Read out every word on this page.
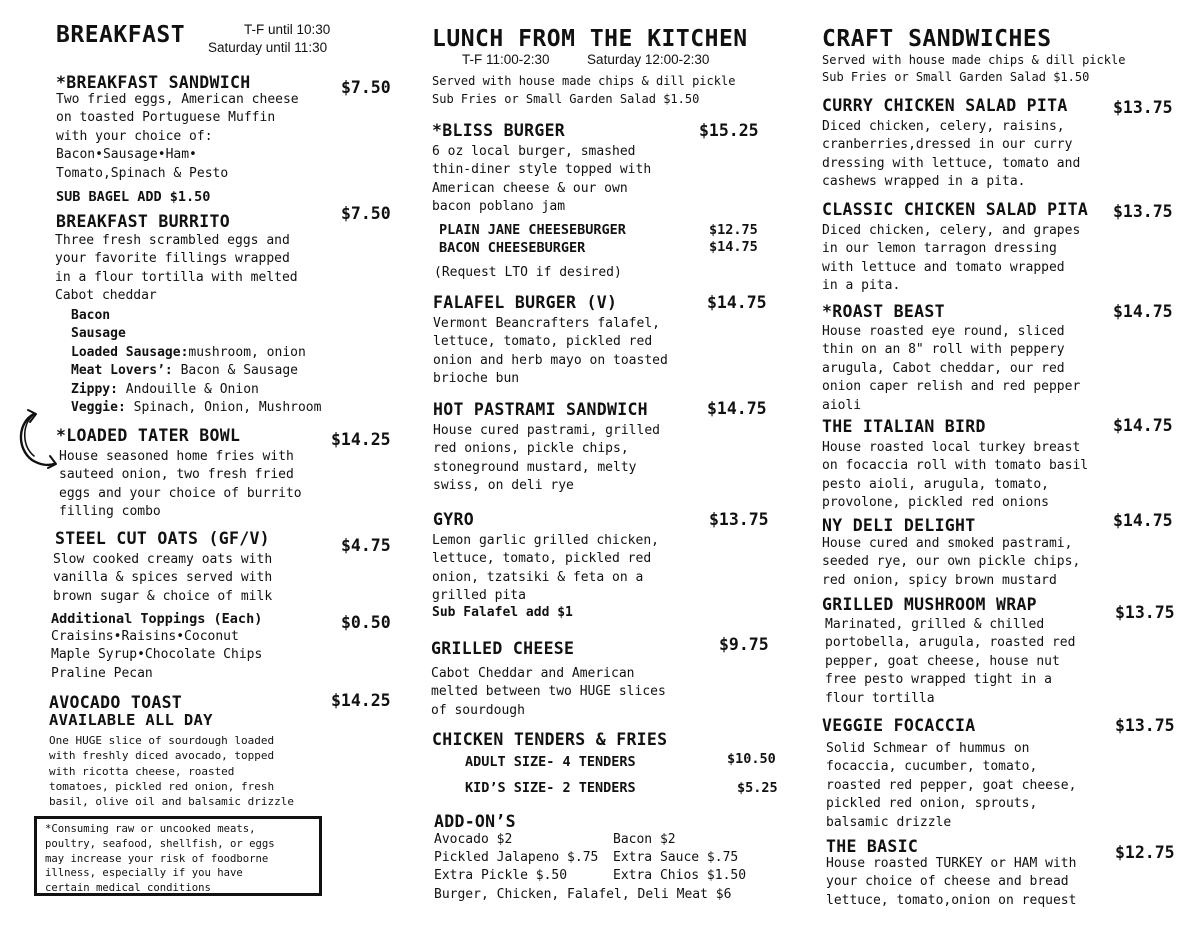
BREAKFAST	T-F until 10:30
Saturday until 11:30
*BREAKFAST SANDWICH	$7.50
Two fried eggs, American cheese
on toasted Portuguese Muffin
with your choice of:
Bacon•Sausage•Ham•
Tomato,Spinach & Pesto
SUB BAGEL ADD $1.50
BREAKFAST BURRITO	$7.50
Three fresh scrambled eggs and
your favorite fillings wrapped
in a flour tortilla with melted
Cabot cheddar
Bacon
Sausage
Loaded Sausage:mushroom, onion
Meat Lovers’: Bacon & Sausage
Zippy: Andouille & Onion
Veggie: Spinach, Onion, Mushroom
*LOADED TATER BOWL	$14.25
House seasoned home fries with
sauteed onion, two fresh fried
eggs and your choice of burrito
filling combo
STEEL CUT OATS (GF/V)	$4.75
Slow cooked creamy oats with
vanilla & spices served with
brown sugar & choice of milk
Additional Toppings (Each)	$0.50
Craisins•Raisins•Coconut
Maple Syrup•Chocolate Chips
Praline Pecan
AVOCADO TOAST
AVAILABLE ALL DAY
$14.25
One HUGE slice of sourdough loaded
with freshly diced avocado, topped
with ricotta cheese, roasted
tomatoes, pickled red onion, fresh
basil, olive oil and balsamic drizzle
*Consuming raw or uncooked meats,
poultry, seafood, shellfish, or eggs
may increase your risk of foodborne
illness, especially if you have
certain medical conditions
LUNCH FROM THE KITCHEN
T-F 11:00-2:30          Saturday 12:00-2:30
Served with house made chips & dill pickle
Sub Fries or Small Garden Salad $1.50
*BLISS BURGER	$15.25
6 oz local burger, smashed
thin-diner style topped with
American cheese & our own
bacon poblano jam
PLAIN JANE CHEESEBURGER	$12.75
BACON CHEESEBURGER	$14.75
(Request LTO if desired)
FALAFEL BURGER (V)	$14.75
Vermont Beancrafters falafel,
lettuce, tomato, pickled red
onion and herb mayo on toasted
brioche bun
HOT PASTRAMI SANDWICH	$14.75
House cured pastrami, grilled
red onions, pickle chips,
stoneground mustard, melty
swiss, on deli rye
GYRO	$13.75
Lemon garlic grilled chicken,
lettuce, tomato, pickled red
onion, tzatsiki & feta on a
grilled pita
Sub Falafel add $1
GRILLED CHEESE	$9.75
Cabot Cheddar and American
melted between two HUGE slices
of sourdough
CHICKEN TENDERS & FRIES
ADULT SIZE- 4 TENDERS	$10.50
KID’S SIZE- 2 TENDERS	$5.25
ADD-ON’S
Avocado $2	Bacon $2
Pickled Jalapeno $.75 Extra Sauce $.75
Extra Pickle $.50	Extra Chios $1.50
Burger, Chicken, Falafel, Deli Meat $6
CRAFT SANDWICHES
Served with house made chips & dill pickle
Sub Fries or Small Garden Salad $1.50
CURRY CHICKEN SALAD PITA	$13.75
Diced chicken, celery, raisins,
cranberries,dressed in our curry
dressing with lettuce, tomato and
cashews wrapped in a pita.
CLASSIC CHICKEN SALAD PITA $13.75
Diced chicken, celery, and grapes
in our lemon tarragon dressing
with lettuce and tomato wrapped
in a pita.
*ROAST BEAST	$14.75
House roasted eye round, sliced
thin on an 8" roll with peppery
arugula, Cabot cheddar, our red
onion caper relish and red pepper
aioli
THE ITALIAN BIRD	$14.75
House roasted local turkey breast
on focaccia roll with tomato basil
pesto aioli, arugula, tomato,
provolone, pickled red onions
NY DELI DELIGHT	$14.75
House cured and smoked pastrami,
seeded rye, our own pickle chips,
red onion, spicy brown mustard
GRILLED MUSHROOM WRAP	$13.75
Marinated, grilled & chilled
portobella, arugula, roasted red
pepper, goat cheese, house nut
free pesto wrapped tight in a
flour tortilla
VEGGIE FOCACCIA	$13.75
Solid Schmear of hummus on
focaccia, cucumber, tomato,
roasted red pepper, goat cheese,
pickled red onion, sprouts,
balsamic drizzle
THE BASIC	$12.75
House roasted TURKEY or HAM with
your choice of cheese and bread
lettuce, tomato,onion on request
